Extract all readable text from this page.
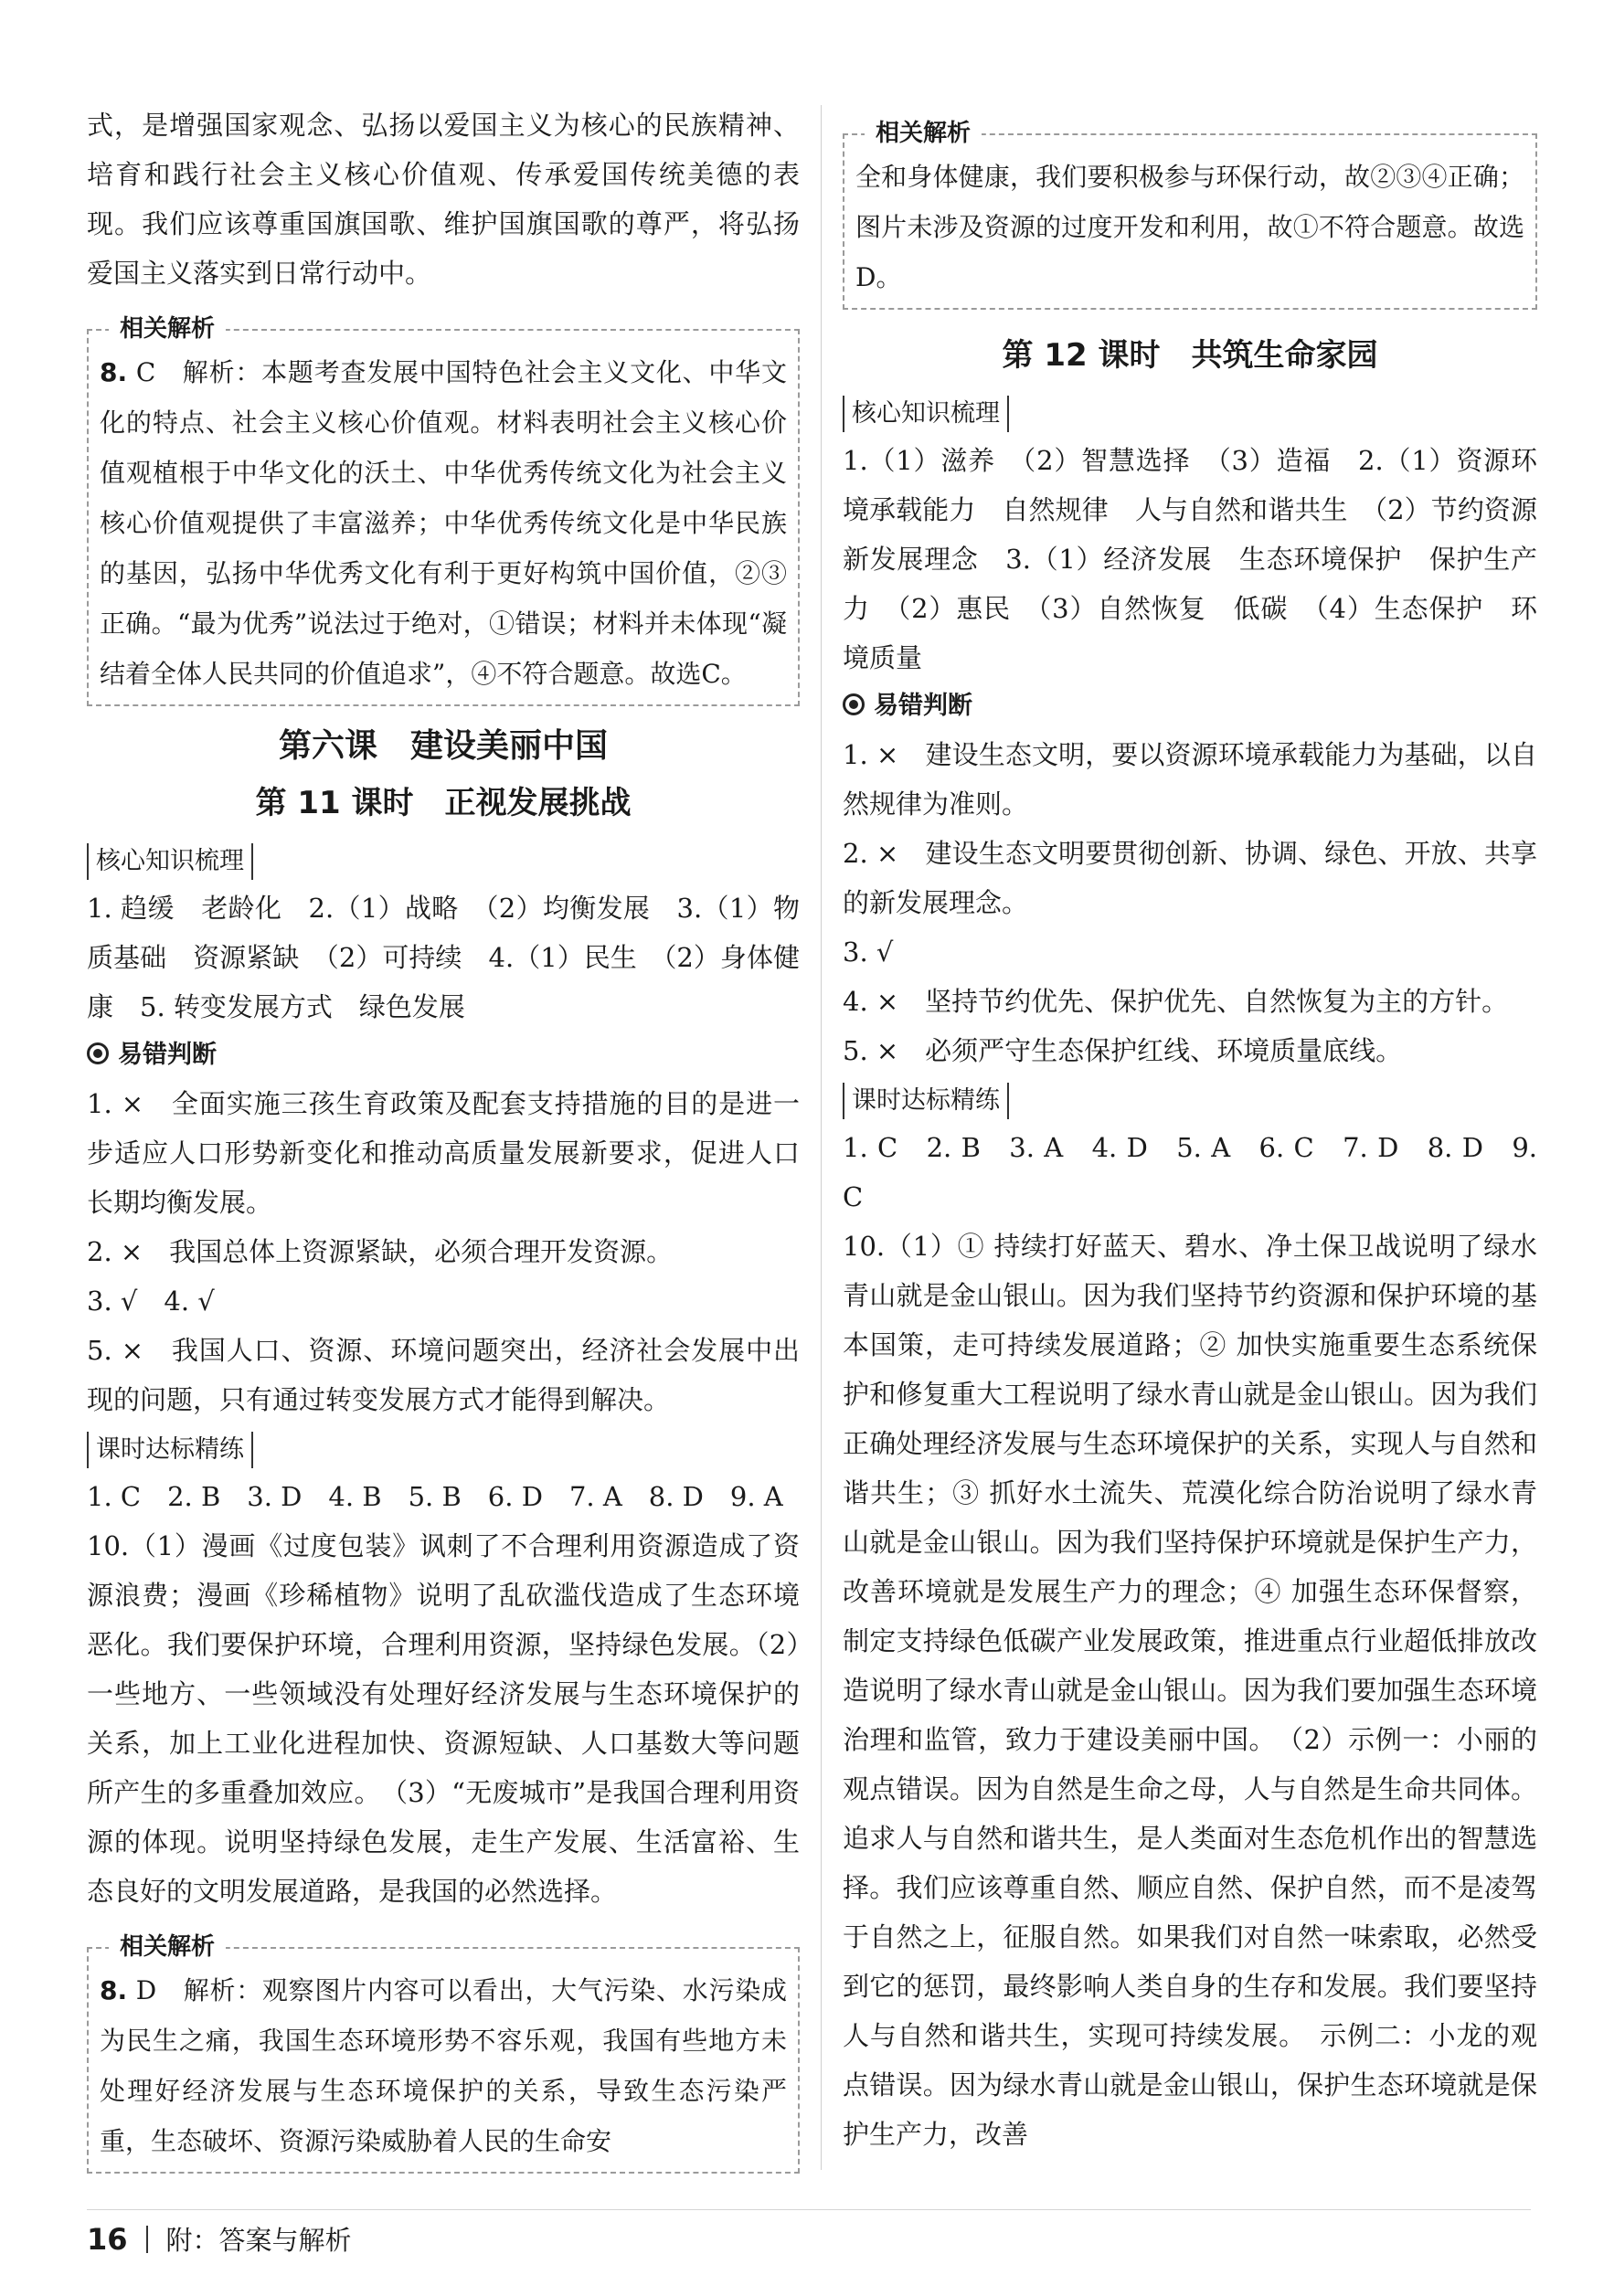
式，是增强国家观念、弘扬以爱国主义为核心的民族精神、培育和践行社会主义核心价值观、传承爱国传统美德的表现。我们应该尊重国旗国歌、维护国旗国歌的尊严，将弘扬爱国主义落实到日常行动中。

相关解析

8. C　解析：本题考查发展中国特色社会主义文化、中华文化的特点、社会主义核心价值观。材料表明社会主义核心价值观植根于中华文化的沃土、中华优秀传统文化为社会主义核心价值观提供了丰富滋养；中华优秀传统文化是中华民族的基因，弘扬中华优秀文化有利于更好构筑中国价值，②③正确。“最为优秀”说法过于绝对，①错误；材料并未体现“凝结着全体人民共同的价值追求”，④不符合题意。故选C。

第六课　建设美丽中国
第 11 课时　正视发展挑战
核心知识梳理

1. 趋缓　老龄化　2.（1）战略　（2）均衡发展　3.（1）物质基础　资源紧缺　（2）可持续　4.（1）民生　（2）身体健康　5. 转变发展方式　绿色发展

易错判断

1. ×　全面实施三孩生育政策及配套支持措施的目的是进一步适应人口形势新变化和推动高质量发展新要求，促进人口长期均衡发展。

2. ×　我国总体上资源紧缺，必须合理开发资源。

3. √　4. √

5. ×　我国人口、资源、环境问题突出，经济社会发展中出现的问题，只有通过转变发展方式才能得到解决。

课时达标精练

1. C　2. B　3. D　4. B　5. B　6. D　7. A　8. D　9. A

10.（1）漫画《过度包装》讽刺了不合理利用资源造成了资源浪费；漫画《珍稀植物》说明了乱砍滥伐造成了生态环境恶化。我们要保护环境，合理利用资源，坚持绿色发展。（2）一些地方、一些领域没有处理好经济发展与生态环境保护的关系，加上工业化进程加快、资源短缺、人口基数大等问题所产生的多重叠加效应。　（3）“无废城市”是我国合理利用资源的体现。说明坚持绿色发展，走生产发展、生活富裕、生态良好的文明发展道路，是我国的必然选择。

相关解析

8. D　解析：观察图片内容可以看出，大气污染、水污染成为民生之痛，我国生态环境形势不容乐观，我国有些地方未处理好经济发展与生态环境保护的关系，导致生态污染严重，生态破坏、资源污染威胁着人民的生命安

相关解析

全和身体健康，我们要积极参与环保行动，故②③④正确；图片未涉及资源的过度开发和利用，故①不符合题意。故选D。

第 12 课时　共筑生命家园
核心知识梳理

1.（1）滋养　（2）智慧选择　（3）造福　2.（1）资源环境承载能力　自然规律　人与自然和谐共生　（2）节约资源　新发展理念　3.（1）经济发展　生态环境保护　保护生产力　（2）惠民　（3）自然恢复　低碳　（4）生态保护　环境质量

易错判断

1. ×　建设生态文明，要以资源环境承载能力为基础，以自然规律为准则。

2. ×　建设生态文明要贯彻创新、协调、绿色、开放、共享的新发展理念。

3. √

4. ×　坚持节约优先、保护优先、自然恢复为主的方针。

5. ×　必须严守生态保护红线、环境质量底线。

课时达标精练

1. C　2. B　3. A　4. D　5. A　6. C　7. D　8. D　9. C

10.（1）① 持续打好蓝天、碧水、净土保卫战说明了绿水青山就是金山银山。因为我们坚持节约资源和保护环境的基本国策，走可持续发展道路；② 加快实施重要生态系统保护和修复重大工程说明了绿水青山就是金山银山。因为我们正确处理经济发展与生态环境保护的关系，实现人与自然和谐共生；③ 抓好水土流失、荒漠化综合防治说明了绿水青山就是金山银山。因为我们坚持保护环境就是保护生产力，改善环境就是发展生产力的理念；④ 加强生态环保督察，制定支持绿色低碳产业发展政策，推进重点行业超低排放改造说明了绿水青山就是金山银山。因为我们要加强生态环境治理和监管，致力于建设美丽中国。　（2）示例一：小丽的观点错误。因为自然是生命之母，人与自然是生命共同体。追求人与自然和谐共生，是人类面对生态危机作出的智慧选择。我们应该尊重自然、顺应自然、保护自然，而不是凌驾于自然之上，征服自然。如果我们对自然一味索取，必然受到它的惩罚，最终影响人类自身的生存和发展。我们要坚持人与自然和谐共生，实现可持续发展。　示例二：小龙的观点错误。因为绿水青山就是金山银山，保护生态环境就是保护生产力，改善

16 附：答案与解析
